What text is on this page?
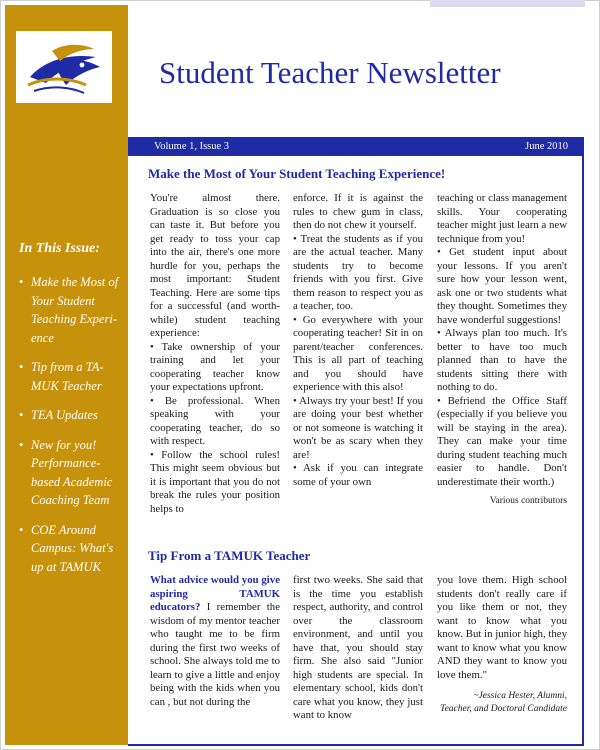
In This Issue:
• Make the Most of Your Student Teaching Experi-ence
• Tip from a TA-MUK Teacher
• TEA Updates
• New for you! Performance-based Academic Coaching Team
• COE Around Campus: What's up at TAMUK
Student Teacher Newsletter
Volume 1, Issue 3	June 2010
Make the Most of Your Student Teaching Experience!

You're almost there. Graduation is so close you can taste it. But before you get ready to toss your cap into the air, there's one more hurdle for you, perhaps the most important: Student Teaching. Here are some tips for a successful (and worth-while) student teaching experience:

• Take ownership of your training and let your cooperating teacher know your expectations upfront.

• Be professional. When speaking with your cooperating teacher, do so with respect.

• Follow the school rules! This might seem obvious but it is important that you do not break the rules your position helps to

enforce. If it is against the rules to chew gum in class, then do not chew it yourself.

• Treat the students as if you are the actual teacher. Many students try to become friends with you first. Give them reason to respect you as a teacher, too.

• Go everywhere with your cooperating teacher! Sit in on parent/teacher conferences. This is all part of teaching and you should have experience with this also!

• Always try your best! If you are doing your best whether or not someone is watching it won't be as scary when they are!

• Ask if you can integrate some of your own

teaching or class management skills. Your cooperating teacher might just learn a new technique from you!

• Get student input about your lessons. If you aren't sure how your lesson went, ask one or two students what they thought. Sometimes they have wonderful suggestions!

• Always plan too much. It's better to have too much planned than to have the students sitting there with nothing to do.

• Befriend the Office Staff (especially if you believe you will be staying in the area). They can make your time during student teaching much easier to handle. Don't underestimate their worth.)

Various contributors

Tip From a TAMUK Teacher

What advice would you give aspiring TAMUK educators? I remember the wisdom of my mentor teacher who taught me to be firm during the first two weeks of school. She always told me to learn to give a little and enjoy being with the kids when you can , but not during the

first two weeks. She said that is the time you establish respect, authority, and control over the classroom environment, and until you have that, you should stay firm. She also said "Junior high students are special. In elementary school, kids don't care what you know, they just want to know

you love them. High school students don't really care if you like them or not, they want to know what you know. But in junior high, they want to know what you know AND they want to know you love them."

~Jessica Hester, Alumni,

Teacher, and Doctoral Candidate
